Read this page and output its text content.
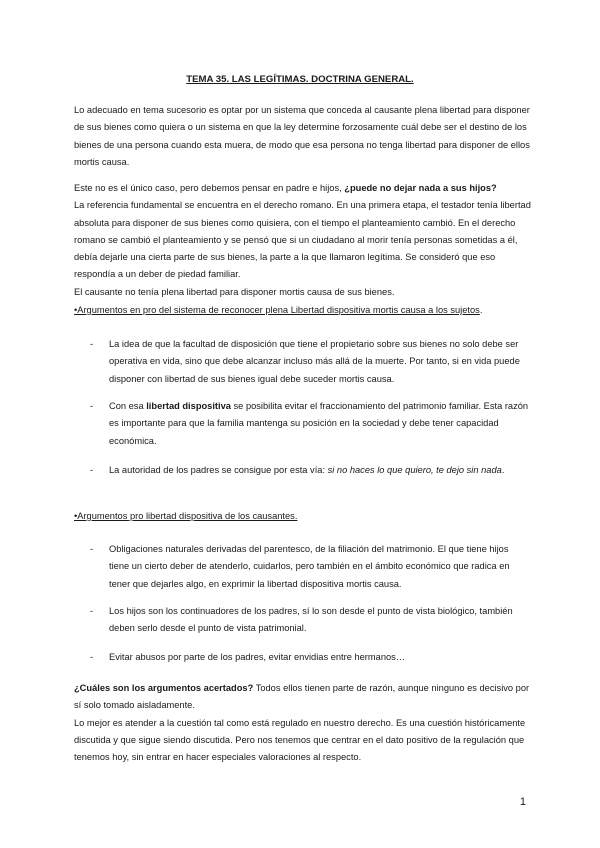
TEMA 35. LAS LEGÍTIMAS. DOCTRINA GENERAL.

Lo adecuado en tema sucesorio es optar por un sistema que conceda al causante plena libertad para disponer de sus bienes como quiera o un sistema en que la ley determine forzosamente cuál debe ser el destino de los bienes de una persona cuando esta muera, de modo que esa persona no tenga libertad para disponer de ellos mortis causa.

Este no es el único caso, pero debemos pensar en padre e hijos, ¿puede no dejar nada a sus hijos?
La referencia fundamental se encuentra en el derecho romano. En una primera etapa, el testador tenía libertad absoluta para disponer de sus bienes como quisiera, con el tiempo el planteamiento cambió. En el derecho romano se cambió el planteamiento y se pensó que si un ciudadano al morir tenía personas sometidas a él, debía dejarle una cierta parte de sus bienes, la parte a la que llamaron legítima. Se consideró que eso respondía a un deber de piedad familiar.
El causante no tenía plena libertad para disponer mortis causa de sus bienes.

•Argumentos en pro del sistema de reconocer plena Libertad dispositiva mortis causa a los sujetos.

- La idea de que la facultad de disposición que tiene el propietario sobre sus bienes no solo debe ser operativa en vida, sino que debe alcanzar incluso más allá de la muerte. Por tanto, si en vida puede disponer con libertad de sus bienes igual debe suceder mortis causa.
- Con esa libertad dispositiva se posibilita evitar el fraccionamiento del patrimonio familiar. Esta razón es importante para que la familia mantenga su posición en la sociedad y debe tener capacidad económica.
- La autoridad de los padres se consigue por esta vía: si no haces lo que quiero, te dejo sin nada.

•Argumentos pro libertad dispositiva de los causantes.

- Obligaciones naturales derivadas del parentesco, de la filiación del matrimonio. El que tiene hijos tiene un cierto deber de atenderlo, cuidarlos, pero también en el ámbito económico que radica en tener que dejarles algo, en exprimir la libertad dispositiva mortis causa.
- Los hijos son los continuadores de los padres, sí lo son desde el punto de vista biológico, también deben serlo desde el punto de vista patrimonial.
- Evitar abusos por parte de los padres, evitar envidias entre hermanos…

¿Cuáles son los argumentos acertados? Todos ellos tienen parte de razón, aunque ninguno es decisivo por sí solo tomado aisladamente.
Lo mejor es atender a la cuestión tal como está regulado en nuestro derecho. Es una cuestión históricamente discutida y que sigue siendo discutida. Pero nos tenemos que centrar en el dato positivo de la regulación que tenemos hoy, sin entrar en hacer especiales valoraciones al respecto.

1
